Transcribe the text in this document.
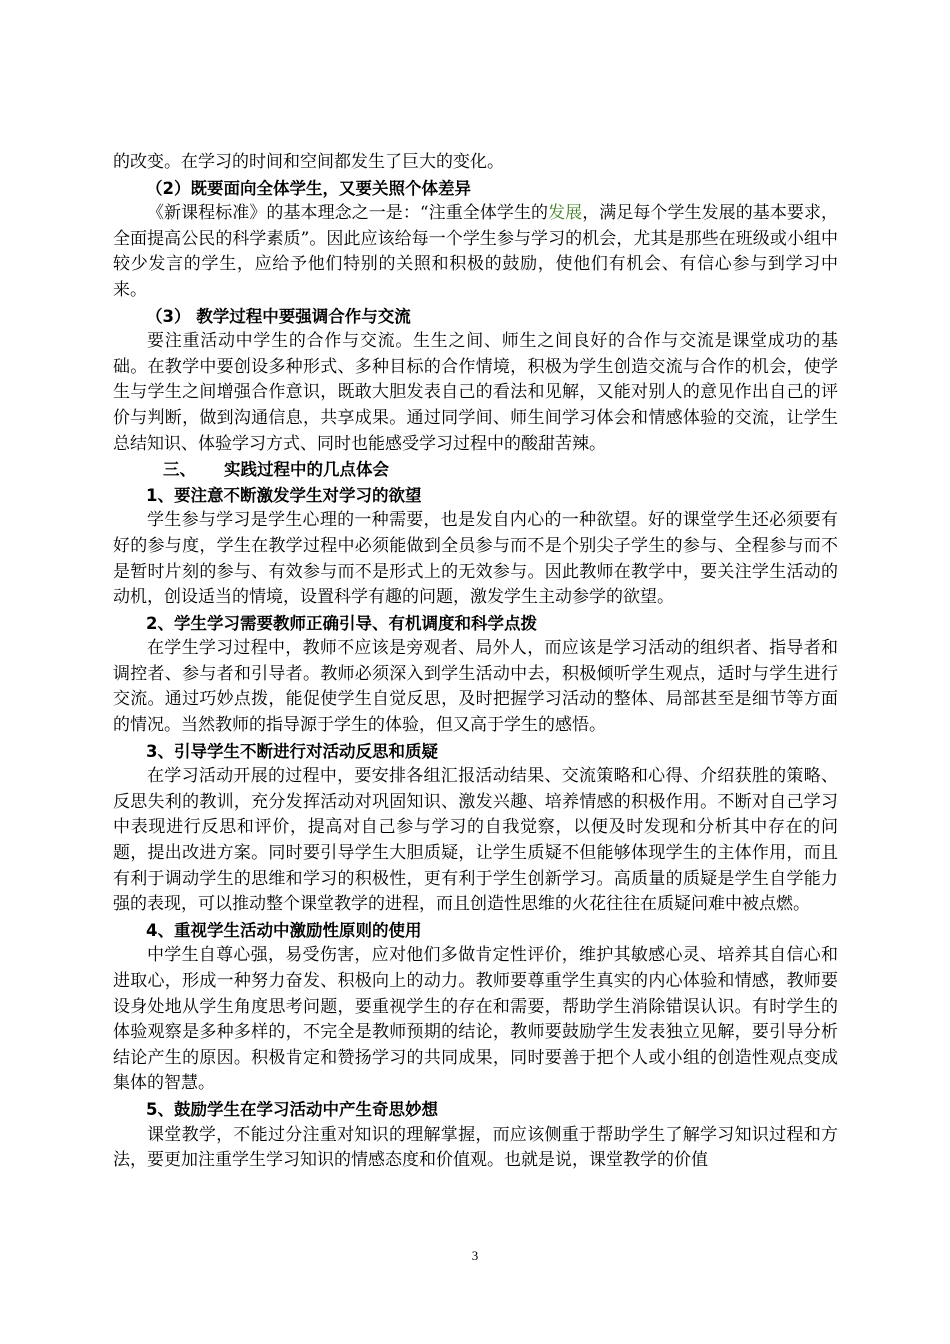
的改变。在学习的时间和空间都发生了巨大的变化。

（2）既要面向全体学生，又要关照个体差异

《新课程标准》的基本理念之一是：“注重全体学生的发展，满足每个学生发展的基本要求，全面提高公民的科学素质”。因此应该给每一个学生参与学习的机会，尤其是那些在班级或小组中较少发言的学生，应给予他们特别的关照和积极的鼓励，使他们有机会、有信心参与到学习中来。

（3） 教学过程中要强调合作与交流

要注重活动中学生的合作与交流。生生之间、师生之间良好的合作与交流是课堂成功的基础。在教学中要创设多种形式、多种目标的合作情境，积极为学生创造交流与合作的机会，使学生与学生之间增强合作意识，既敢大胆发表自己的看法和见解，又能对别人的意见作出自己的评价与判断，做到沟通信息，共享成果。通过同学间、师生间学习体会和情感体验的交流，让学生总结知识、体验学习方式、同时也能感受学习过程中的酸甜苦辣。

三、 实践过程中的几点体会

1、要注意不断激发学生对学习的欲望

学生参与学习是学生心理的一种需要，也是发自内心的一种欲望。好的课堂学生还必须要有好的参与度，学生在教学过程中必须能做到全员参与而不是个别尖子学生的参与、全程参与而不是暂时片刻的参与、有效参与而不是形式上的无效参与。因此教师在教学中，要关注学生活动的动机，创设适当的情境，设置科学有趣的问题，激发学生主动参学的欲望。

2、学生学习需要教师正确引导、有机调度和科学点拨

在学生学习过程中，教师不应该是旁观者、局外人，而应该是学习活动的组织者、指导者和调控者、参与者和引导者。教师必须深入到学生活动中去，积极倾听学生观点，适时与学生进行交流。通过巧妙点拨，能促使学生自觉反思，及时把握学习活动的整体、局部甚至是细节等方面的情况。当然教师的指导源于学生的体验，但又高于学生的感悟。

3、引导学生不断进行对活动反思和质疑

在学习活动开展的过程中，要安排各组汇报活动结果、交流策略和心得、介绍获胜的策略、反思失利的教训，充分发挥活动对巩固知识、激发兴趣、培养情感的积极作用。不断对自己学习中表现进行反思和评价，提高对自己参与学习的自我觉察，以便及时发现和分析其中存在的问题，提出改进方案。同时要引导学生大胆质疑，让学生质疑不但能够体现学生的主体作用，而且有利于调动学生的思维和学习的积极性，更有利于学生创新学习。高质量的质疑是学生自学能力强的表现，可以推动整个课堂教学的进程，而且创造性思维的火花往往在质疑问难中被点燃。

4、重视学生活动中激励性原则的使用

中学生自尊心强，易受伤害，应对他们多做肯定性评价，维护其敏感心灵、培养其自信心和进取心，形成一种努力奋发、积极向上的动力。教师要尊重学生真实的内心体验和情感，教师要设身处地从学生角度思考问题，要重视学生的存在和需要，帮助学生消除错误认识。有时学生的体验观察是多种多样的，不完全是教师预期的结论，教师要鼓励学生发表独立见解，要引导分析结论产生的原因。积极肯定和赞扬学习的共同成果，同时要善于把个人或小组的创造性观点变成集体的智慧。

5、鼓励学生在学习活动中产生奇思妙想

课堂教学，不能过分注重对知识的理解掌握，而应该侧重于帮助学生了解学习知识过程和方法，要更加注重学生学习知识的情感态度和价值观。也就是说，课堂教学的价值

3
